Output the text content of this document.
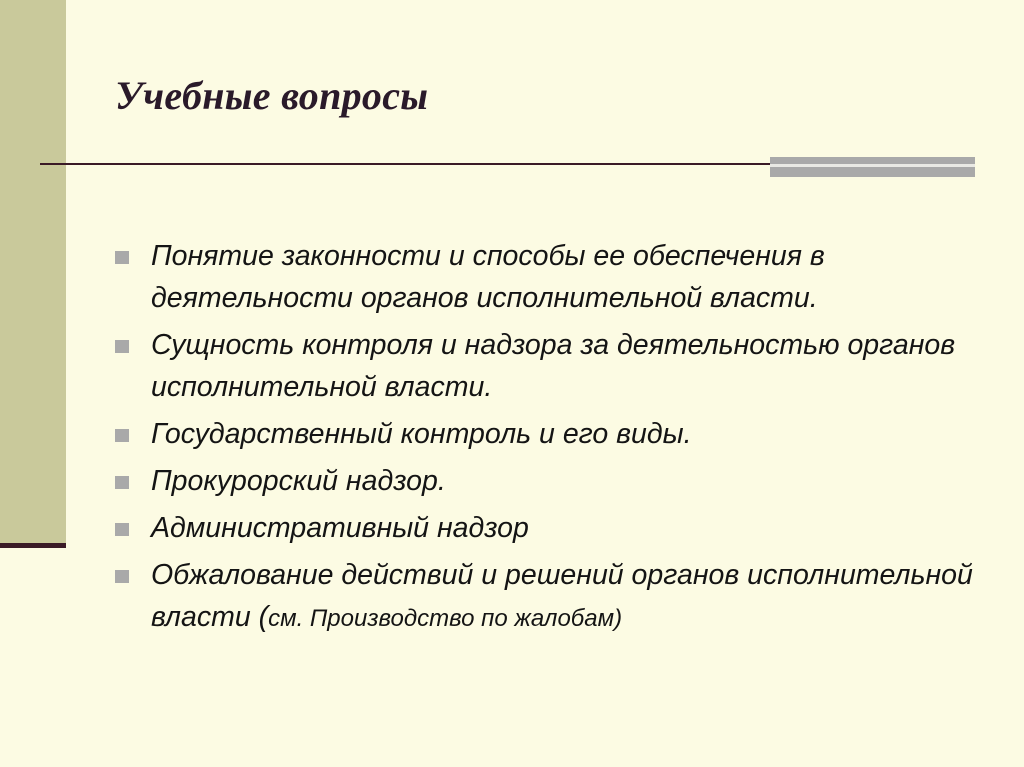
Учебные вопросы
Понятие законности и способы ее обеспечения в деятельности органов исполнительной власти.
Сущность контроля и надзора за деятельностью органов исполнительной власти.
Государственный контроль и его виды.
Прокурорский надзор.
Административный надзор
Обжалование действий и решений органов исполнительной власти (см. Производство по жалобам)
